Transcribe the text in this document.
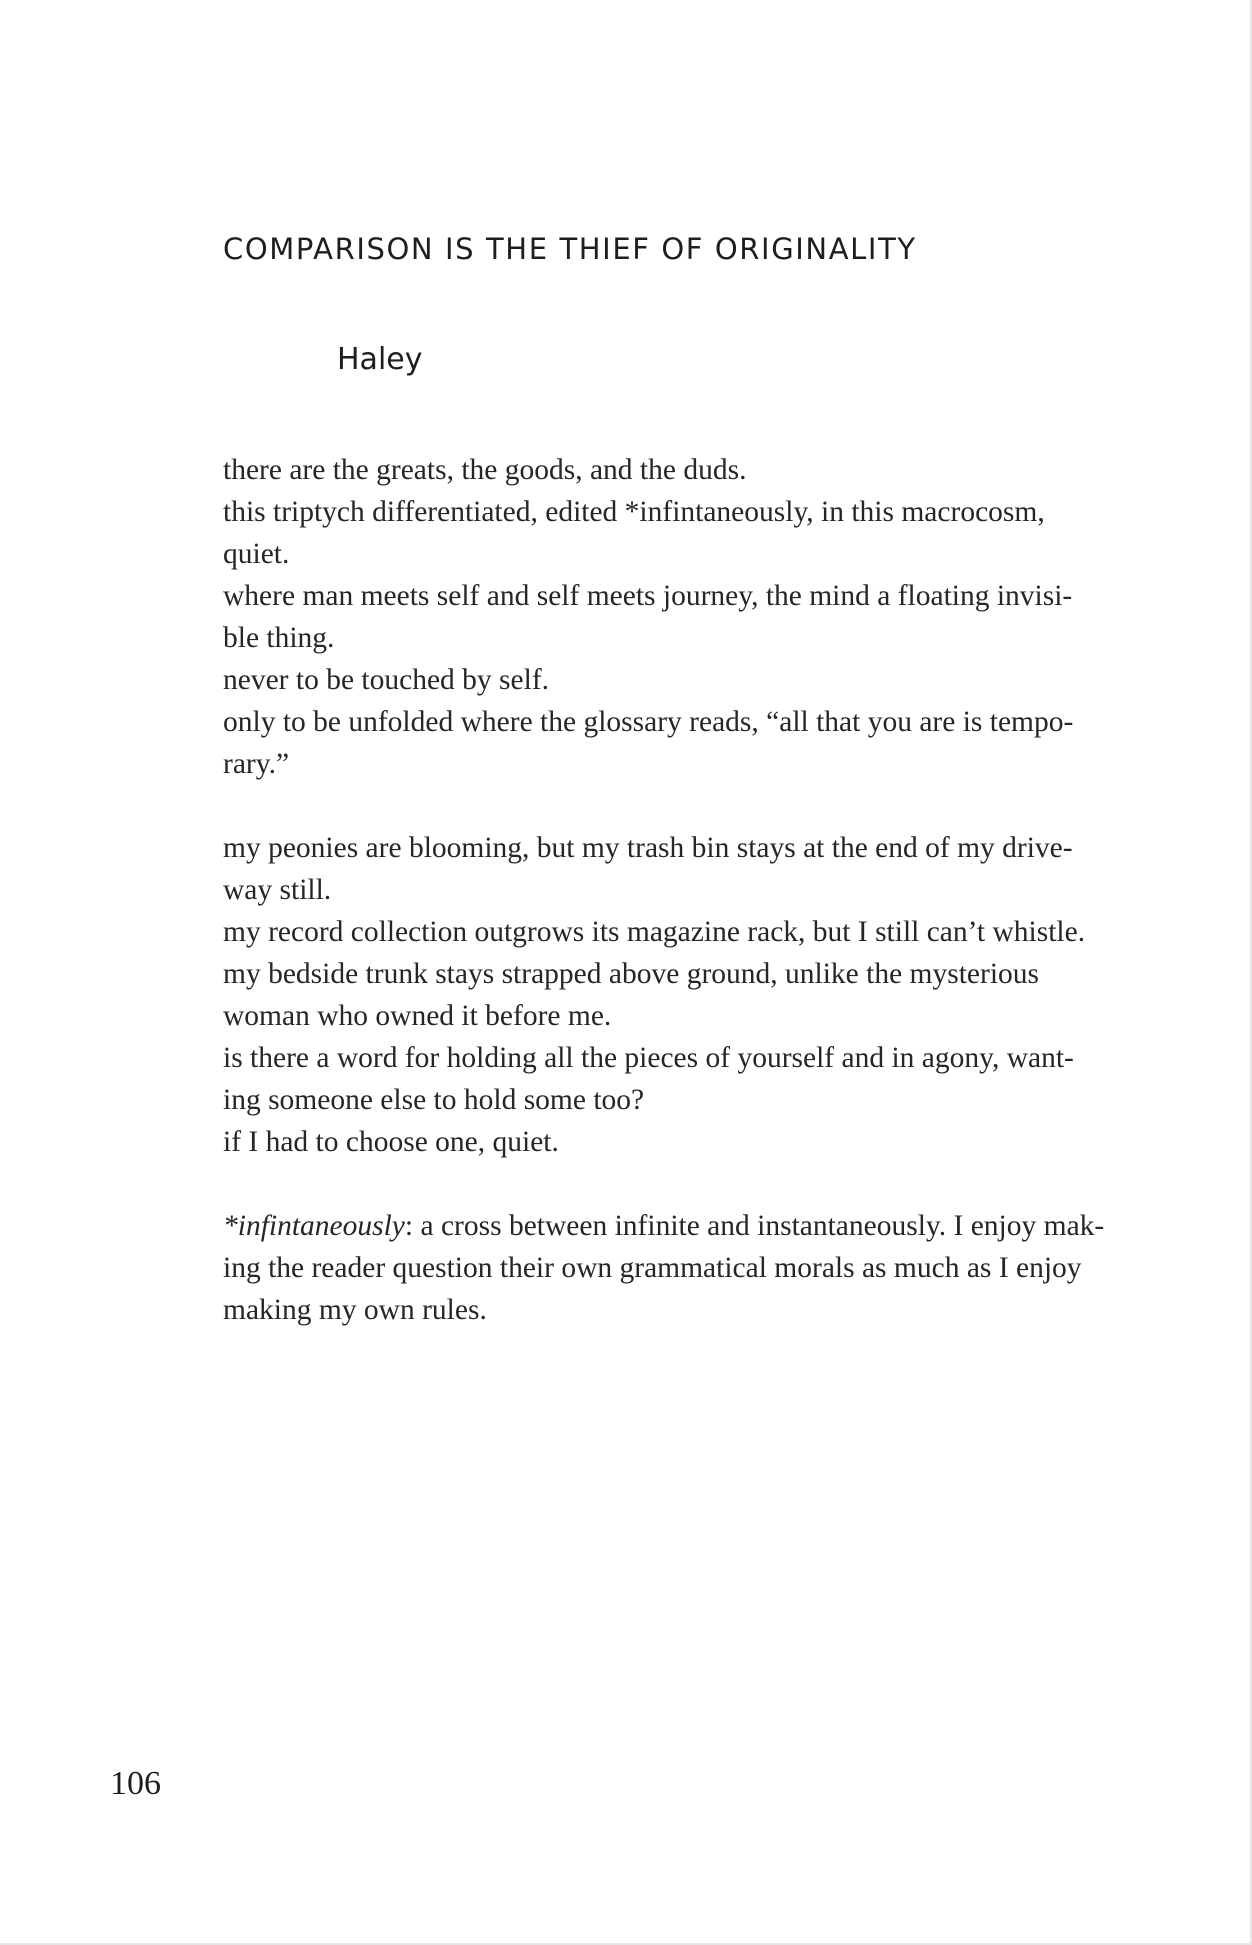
COMPARISON IS THE THIEF OF ORIGINALITY
Haley

there are the greats, the goods, and the duds.
this triptych differentiated, edited *infintaneously, in this macrocosm,
quiet.
where man meets self and self meets journey, the mind a floating invisi-
ble thing.
never to be touched by self.
only to be unfolded where the glossary reads, “all that you are is tempo-
rary.”

my peonies are blooming, but my trash bin stays at the end of my drive-
way still.
my record collection outgrows its magazine rack, but I still can’t whistle.
my bedside trunk stays strapped above ground, unlike the mysterious
woman who owned it before me.
is there a word for holding all the pieces of yourself and in agony, want-
ing someone else to hold some too?
if I had to choose one, quiet.

*infintaneously: a cross between infinite and instantaneously. I enjoy mak-
ing the reader question their own grammatical morals as much as I enjoy
making my own rules.

106
